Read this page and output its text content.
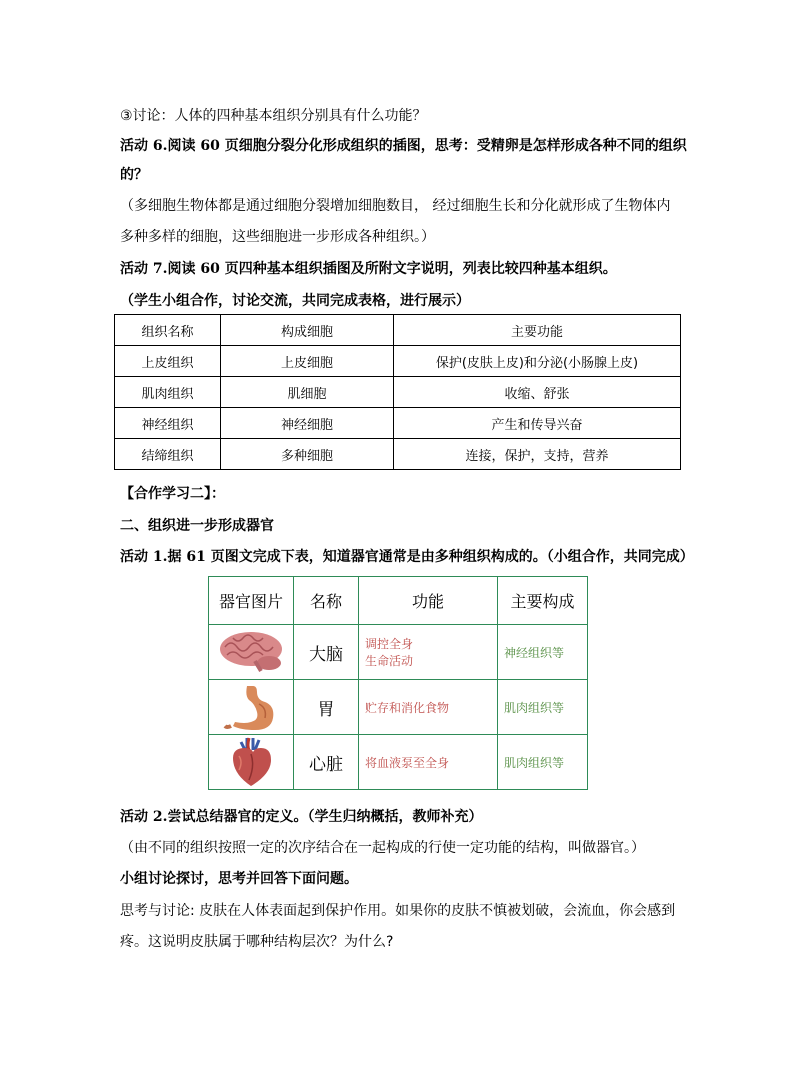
③讨论：人体的四种基本组织分别具有什么功能？
活动 6.阅读 60 页细胞分裂分化形成组织的插图，思考：受精卵是怎样形成各种不同的组织
的？
（多细胞生物体都是通过细胞分裂增加细胞数目， 经过细胞生长和分化就形成了生物体内
多种多样的细胞，这些细胞进一步形成各种组织。）
活动 7.阅读 60 页四种基本组织插图及所附文字说明，列表比较四种基本组织。
（学生小组合作，讨论交流，共同完成表格，进行展示）
组织名称	构成细胞	主要功能
上皮组织	上皮细胞	保护(皮肤上皮)和分泌(小肠腺上皮)
肌肉组织	肌细胞	收缩、舒张
神经组织	神经细胞	产生和传导兴奋
结缔组织	多种细胞	连接，保护，支持，营养
【合作学习二】：
二、组织进一步形成器官
活动 1.据 61 页图文完成下表，知道器官通常是由多种组织构成的。（小组合作，共同完成）
器官图片	名称	功能	主要构成

	大脑	调控全身
生命活动	神经组织等

	胃	贮存和消化食物	肌肉组织等

	心脏	将血液泵至全身	肌肉组织等
活动 2.尝试总结器官的定义。（学生归纳概括，教师补充）
（由不同的组织按照一定的次序结合在一起构成的行使一定功能的结构，叫做器官。）
小组讨论探讨，思考并回答下面问题。
思考与讨论: 皮肤在人体表面起到保护作用。如果你的皮肤不慎被划破，会流血，你会感到
疼。这说明皮肤属于哪种结构层次？为什么?
